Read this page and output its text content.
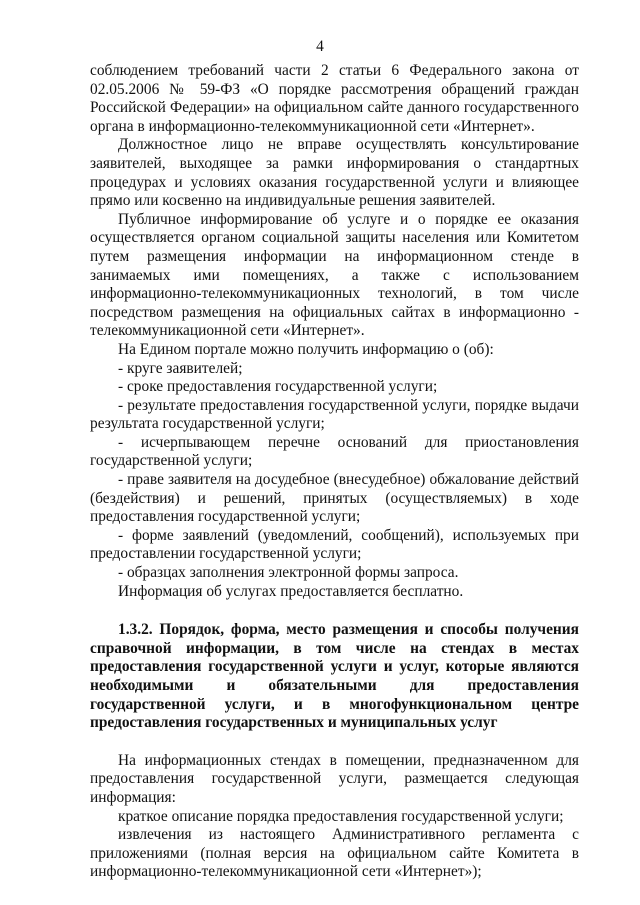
4

соблюдением требований части 2 статьи 6 Федерального закона от 02.05.2006 № 59-ФЗ «О порядке рассмотрения обращений граждан Российской Федерации» на официальном сайте данного государственного органа в информационно-телекоммуникационной сети «Интернет».

Должностное лицо не вправе осуществлять консультирование заявителей, выходящее за рамки информирования о стандартных процедурах и условиях оказания государственной услуги и влияющее прямо или косвенно на индивидуальные решения заявителей.

Публичное информирование об услуге и о порядке ее оказания осуществляется органом социальной защиты населения или Комитетом путем размещения информации на информационном стенде в занимаемых ими помещениях, а также с использованием информационно-телекоммуникационных технологий, в том числе посредством размещения на официальных сайтах в информационно - телекоммуникационной сети «Интернет».

На Едином портале можно получить информацию о (об):

- круге заявителей;

- сроке предоставления государственной услуги;

- результате предоставления государственной услуги, порядке выдачи результата государственной услуги;

- исчерпывающем перечне оснований для приостановления государственной услуги;

- праве заявителя на досудебное (внесудебное) обжалование действий (бездействия) и решений, принятых (осуществляемых) в ходе предоставления государственной услуги;

- форме заявлений (уведомлений, сообщений), используемых при предоставлении государственной услуги;

- образцах заполнения электронной формы запроса.

Информация об услугах предоставляется бесплатно.

1.3.2. Порядок, форма, место размещения и способы получения справочной информации, в том числе на стендах в местах предоставления государственной услуги и услуг, которые являются необходимыми и обязательными для предоставления государственной услуги, и в многофункциональном центре предоставления государственных и муниципальных услуг

На информационных стендах в помещении, предназначенном для предоставления государственной услуги, размещается следующая информация:

краткое описание порядка предоставления государственной услуги;

извлечения из настоящего Административного регламента с приложениями (полная версия на официальном сайте Комитета в информационно-телекоммуникационной сети «Интернет»);
